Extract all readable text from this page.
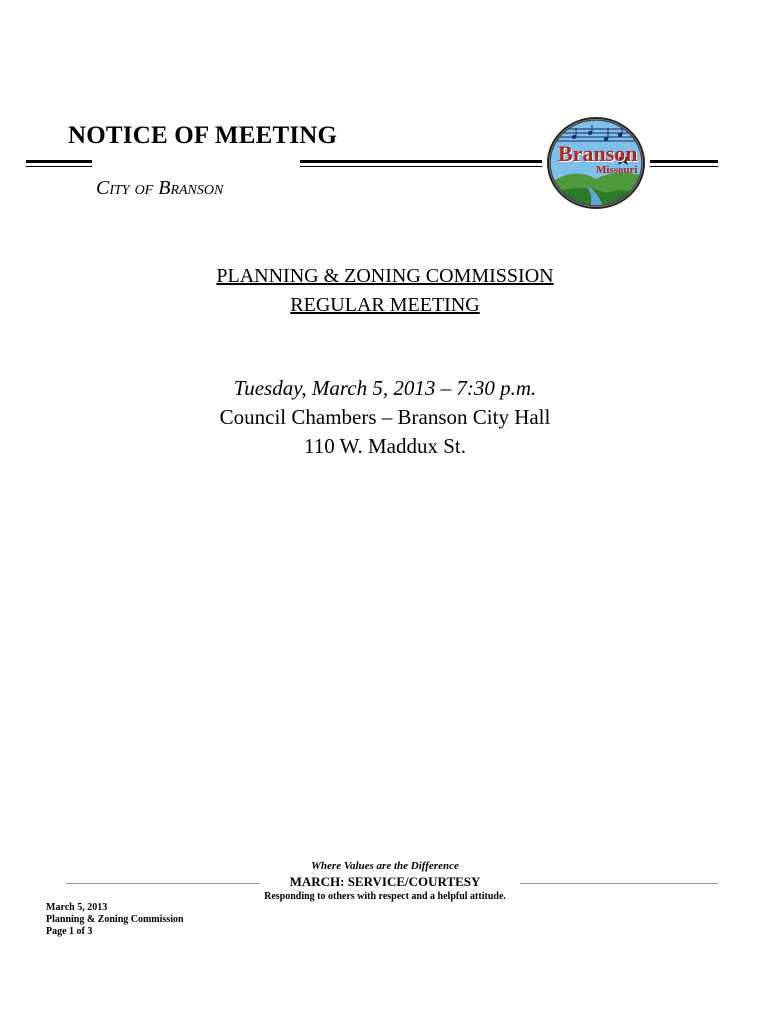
NOTICE OF MEETING
City of Branson
Branson
Missouri
PLANNING & ZONING COMMISSION
REGULAR MEETING
Tuesday, March 5, 2013 – 7:30 p.m.
Council Chambers – Branson City Hall
110 W. Maddux St.
Where Values are the Difference
MARCH: SERVICE/COURTESY
Responding to others with respect and a helpful attitude.
March 5, 2013
Planning & Zoning Commission
Page 1 of 3
